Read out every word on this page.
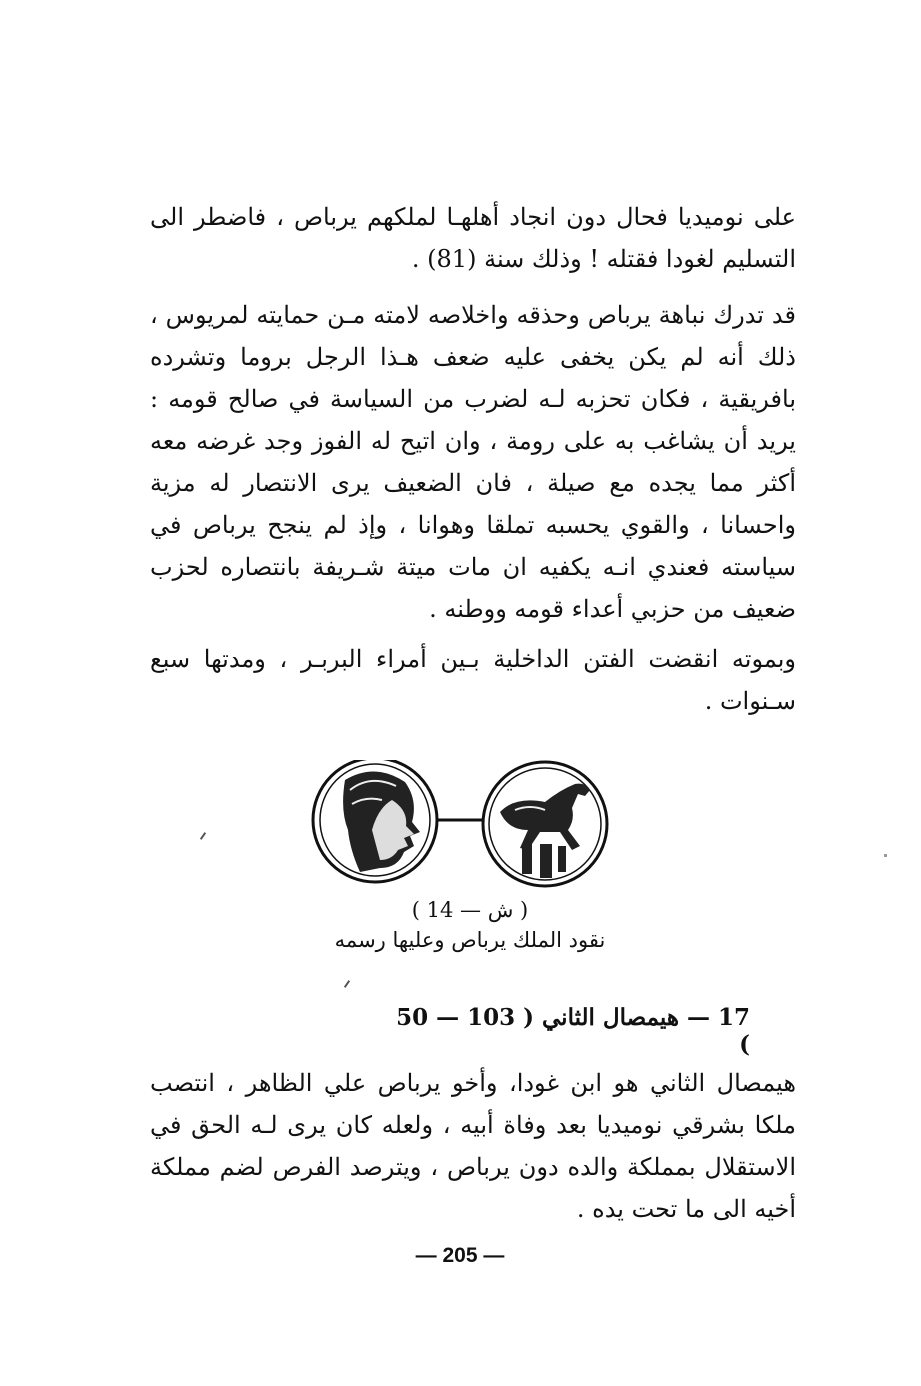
على نوميديا فحال دون انجاد أهلهـا لملكهم يرباص ، فاضطر الى التسليم لغودا فقتله ! وذلك سنة (81) .

قد تدرك نباهة يرباص وحذقه واخلاصه لامته مـن حمايته لمريوس ، ذلك أنه لم يكن يخفى عليه ضعف هـذا الرجل بروما وتشرده بافريقية ، فكان تحزبه لـه لضرب من السياسة في صالح قومه : يريد أن يشاغب به على رومة ، وان اتيح له الفوز وجد غرضه معه أكثر مما يجده مع صيلة ، فان الضعيف يرى الانتصار له مزية واحسانا ، والقوي يحسبه تملقا وهوانا ، وإذ لم ينجح يرباص في سياسته فعندي انـه يكفيه ان مات ميتة شـريفة بانتصاره لحزب ضعيف من حزبي أعداء قومه ووطنه .

وبموته انقضت الفتن الداخلية بـين أمراء البربـر ، ومدتها سبع سـنوات .

( ش — 14 )
نقود الملك يرباص وعليها رسمه
17 — هيمصال الثاني ( 103 — 50 )

هيمصال الثاني هو ابن غودا، وأخو يرباص علي الظاهر ، انتصب ملكا بشرقي نوميديا بعد وفاة أبيه ، ولعله كان يرى لـه الحق في الاستقلال بمملكة والده دون يرباص ، ويترصد الفرص لضم مملكة أخيه الى ما تحت يده .

— 205 —
